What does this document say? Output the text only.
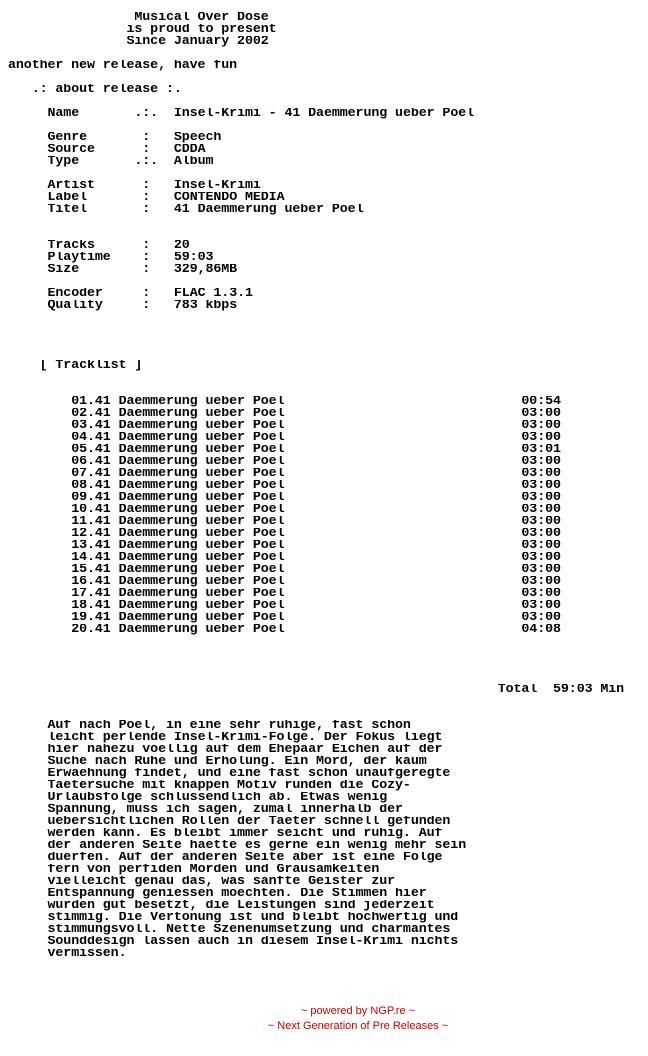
Musical Over Dose
is proud to present
Since January 2002
another new release, have fun
.: about release :.
Name	.:. Insel-Krimi - 41 Daemmerung ueber Poel
Genre	: Speech
Source	: CDDA
Type	.:. Album
Artist	: Insel-Krimi
Label	: CONTENDO MEDIA
Titel	: 41 Daemmerung ueber Poel
Tracks	: 20
Playtime : 59:03
Size	: 329,86MB
Encoder	: FLAC 1.3.1
Quality	: 783 kbps
[ Tracklist ]
01.41 Daemmerung ueber Poel	00:54
02.41 Daemmerung ueber Poel	03:00
03.41 Daemmerung ueber Poel	03:00
04.41 Daemmerung ueber Poel	03:00
05.41 Daemmerung ueber Poel	03:01
06.41 Daemmerung ueber Poel	03:00
07.41 Daemmerung ueber Poel	03:00
08.41 Daemmerung ueber Poel	03:00
09.41 Daemmerung ueber Poel	03:00
10.41 Daemmerung ueber Poel	03:00
11.41 Daemmerung ueber Poel	03:00
12.41 Daemmerung ueber Poel	03:00
13.41 Daemmerung ueber Poel	03:00
14.41 Daemmerung ueber Poel	03:00
15.41 Daemmerung ueber Poel	03:00
16.41 Daemmerung ueber Poel	03:00
17.41 Daemmerung ueber Poel	03:00
18.41 Daemmerung ueber Poel	03:00
19.41 Daemmerung ueber Poel	03:00
20.41 Daemmerung ueber Poel	04:08
Total 59:03 Min
Auf nach Poel, in eine sehr ruhige, fast schon
leicht perlende Insel-Krimi-Folge. Der Fokus liegt
hier nahezu voellig auf dem Ehepaar Eichen auf der
Suche nach Ruhe und Erholung. Ein Mord, der kaum
Erwaehnung findet, und eine fast schon unaufgeregte
Taetersuche mit knappen Motiv runden die Cozy-
Urlaubsfolge schlussendlich ab. Etwas wenig
Spannung, muss ich sagen, zumal innerhalb der
uebersichtlichen Rollen der Taeter schnell gefunden
werden kann. Es bleibt immer seicht und ruhig. Auf
der anderen Seite haette es gerne ein wenig mehr sein
duerfen. Auf der anderen Seite aber ist eine Folge
fern von perfiden Morden und Grausamkeiten
vielleicht genau das, was sanfte Geister zur
Entspannung geniessen moechten. Die Stimmen hier
wurden gut besetzt, die Leistungen sind jederzeit
stimmig. Die Vertonung ist und bleibt hochwertig und
stimmungsvoll. Nette Szenenumsetzung und charmantes
Sounddesign lassen auch in diesem Insel-Krimi nichts
vermissen.
~ powered by NGP.re ~
~ Next Generation of Pre Releases ~
